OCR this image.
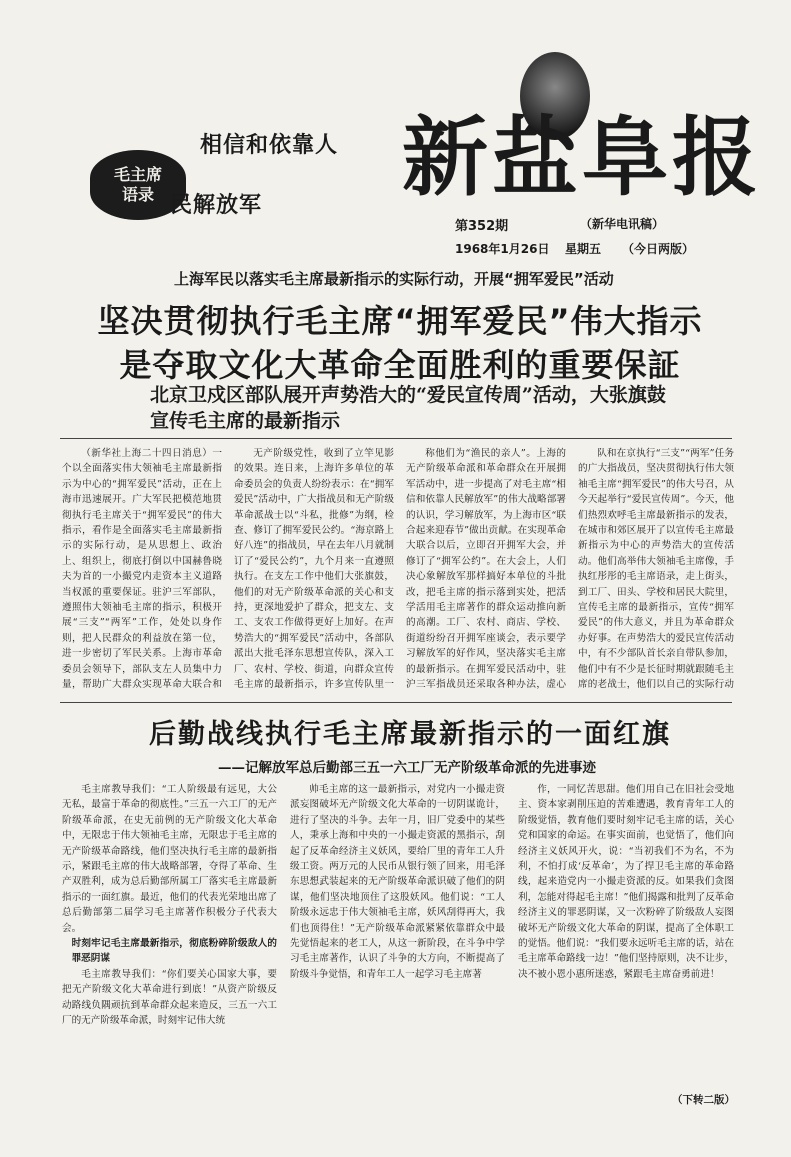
毛主席
语录
相信和依靠人
民解放军 新盐阜报
第352期	（新华电讯稿）
1968年1月26日 星期五 （今日两版）
上海军民以落实毛主席最新指示的实际行动，开展“拥军爱民”活动
坚决贯彻执行毛主席“拥军爱民”伟大指示
是夺取文化大革命全面胜利的重要保証
北京卫戍区部队展开声势浩大的“爱民宣传周”活动，大张旗鼓宣传毛主席的最新指示

（新华社上海二十四日消息）一个以全面落实伟大领袖毛主席最新指示为中心的“拥军爱民”活动，正在上海市迅速展开。广大军民把模范地贯彻执行毛主席关于“拥军爱民”的伟大指示，看作是全面落实毛主席最新指示的实际行动，是从思想上、政治上、组织上，彻底打倒以中国赫鲁晓夫为首的一小撮党内走资本主义道路当权派的重要保证。驻沪三军部队，遵照伟大领袖毛主席的指示，积极开展“三支”“两军”工作，处处以身作则，把人民群众的利益放在第一位，进一步密切了军民关系。上海市革命委员会领导下，部队支左人员集中力量，帮助广大群众实现革命大联合和

无产阶级党性，收到了立竿见影的效果。连日来，上海许多单位的革命委员会的负责人纷纷表示：在“拥军爱民”活动中，广大指战员和无产阶级革命派战士以“斗私，批修”为纲，检查、修订了拥军爱民公约。“海京路上好八连”的指战员，早在去年八月就制订了“爱民公约”，九个月来一直遵照执行。在支左工作中他们大张旗鼓，他们的对无产阶级革命派的关心和支持，更深地爱护了群众，把支左、支工、支农工作做得更好上加好。在声势浩大的“拥军爱民”活动中，各部队派出大批毛泽东思想宣传队，深入工厂、农村、学校、街道，向群众宣传毛主席的最新指示，许多宣传队里一

称他们为“渔民的亲人”。上海的无产阶级革命派和革命群众在开展拥军活动中，进一步提高了对毛主席“相信和依靠人民解放军”的伟大战略部署的认识，学习解放军，为上海市区“联合起来迎春节”做出贡献。在实现革命大联合以后，立即召开拥军大会，并修订了“拥军公约”。在大会上，人们决心象解放军那样搞好本单位的斗批改，把毛主席的指示落到实处，把活学活用毛主席著作的群众运动推向新的高潮。工厂、农村、商店、学校、街道纷纷召开拥军座谈会，表示要学习解放军的好作风，坚决落实毛主席的最新指示。在拥军爱民活动中，驻沪三军指战员还采取各种办法，虚心

队和在京执行“三支”“两军”任务的广大指战员，坚决贯彻执行伟大领袖毛主席“拥军爱民”的伟大号召，从今天起举行“爱民宣传周”。今天，他们热烈欢呼毛主席最新指示的发表，在城市和郊区展开了以宣传毛主席最新指示为中心的声势浩大的宣传活动。他们高举伟大领袖毛主席像，手执红彤彤的毛主席语录，走上街头，到工厂、田头、学校和居民大院里，宣传毛主席的最新指示，宣传“拥军爱民”的伟大意义，并且为革命群众办好事。在声势浩大的爱民宣传活动中，有不少部队首长亲自带队参加，他们中有不少是长征时期就跟随毛主席的老战士，他们以自己的实际行动

后勤战线执行毛主席最新指示的一面红旗
——记解放军总后勤部三五一六工厂无产阶级革命派的先进事迹

毛主席教导我们：“工人阶级最有远见，大公无私，最富于革命的彻底性。”三五一六工厂的无产阶级革命派，在史无前例的无产阶级文化大革命中，无限忠于伟大领袖毛主席，无限忠于毛主席的无产阶级革命路线，他们坚决执行毛主席的最新指示，紧跟毛主席的伟大战略部署，夺得了革命、生产双胜利，成为总后勤部所属工厂落实毛主席最新指示的一面红旗。最近，他们的代表光荣地出席了总后勤部第二届学习毛主席著作积极分子代表大会。

时刻牢记毛主席最新指示，彻底粉碎阶级敌人的罪恶阴谋

毛主席教导我们：“你们要关心国家大事，要把无产阶级文化大革命进行到底！”从资产阶级反动路线负隅顽抗到革命群众起来造反，三五一六工厂的无产阶级革命派，时刻牢记伟大统

帅毛主席的这一最新指示，对党内一小撮走资派妄图破坏无产阶级文化大革命的一切阴谋诡计，进行了坚决的斗争。去年一月，旧厂党委中的某些人，秉承上海和中央的一小撮走资派的黑指示，刮起了反革命经济主义妖风，要给厂里的青年工人升级工资。两万元的人民币从银行领了回来，用毛泽东思想武装起来的无产阶级革命派识破了他们的阴谋，他们坚决地顶住了这股妖风。他们说：“工人阶级永远忠于伟大领袖毛主席，妖风刮得再大，我们也顶得住！”无产阶级革命派紧紧依靠群众中最先觉悟起来的老工人，从这一新阶段，在斗争中学习毛主席著作，认识了斗争的大方向，不断提高了阶级斗争觉悟，和青年工人一起学习毛主席著

作，一同忆苦思甜。他们用自己在旧社会受地主、资本家剥削压迫的苦难遭遇，教育青年工人的阶级觉悟，教育他们要时刻牢记毛主席的话，关心党和国家的命运。在事实面前，也觉悟了，他们向经济主义妖风开火，说：“当初我们不为名，不为利，不怕打成‘反革命’，为了捍卫毛主席的革命路线，起来造党内一小撮走资派的反。如果我们贪图利，怎能对得起毛主席！”他们揭露和批判了反革命经济主义的罪恶阴谋，又一次粉碎了阶级敌人妄图破坏无产阶级文化大革命的阴谋，提高了全体职工的觉悟。他们说：“我们要永远听毛主席的话，站在毛主席革命路线一边！”他们坚持原则，决不让步，决不被小恩小惠所迷惑，紧跟毛主席奋勇前进！

（下转二版）
